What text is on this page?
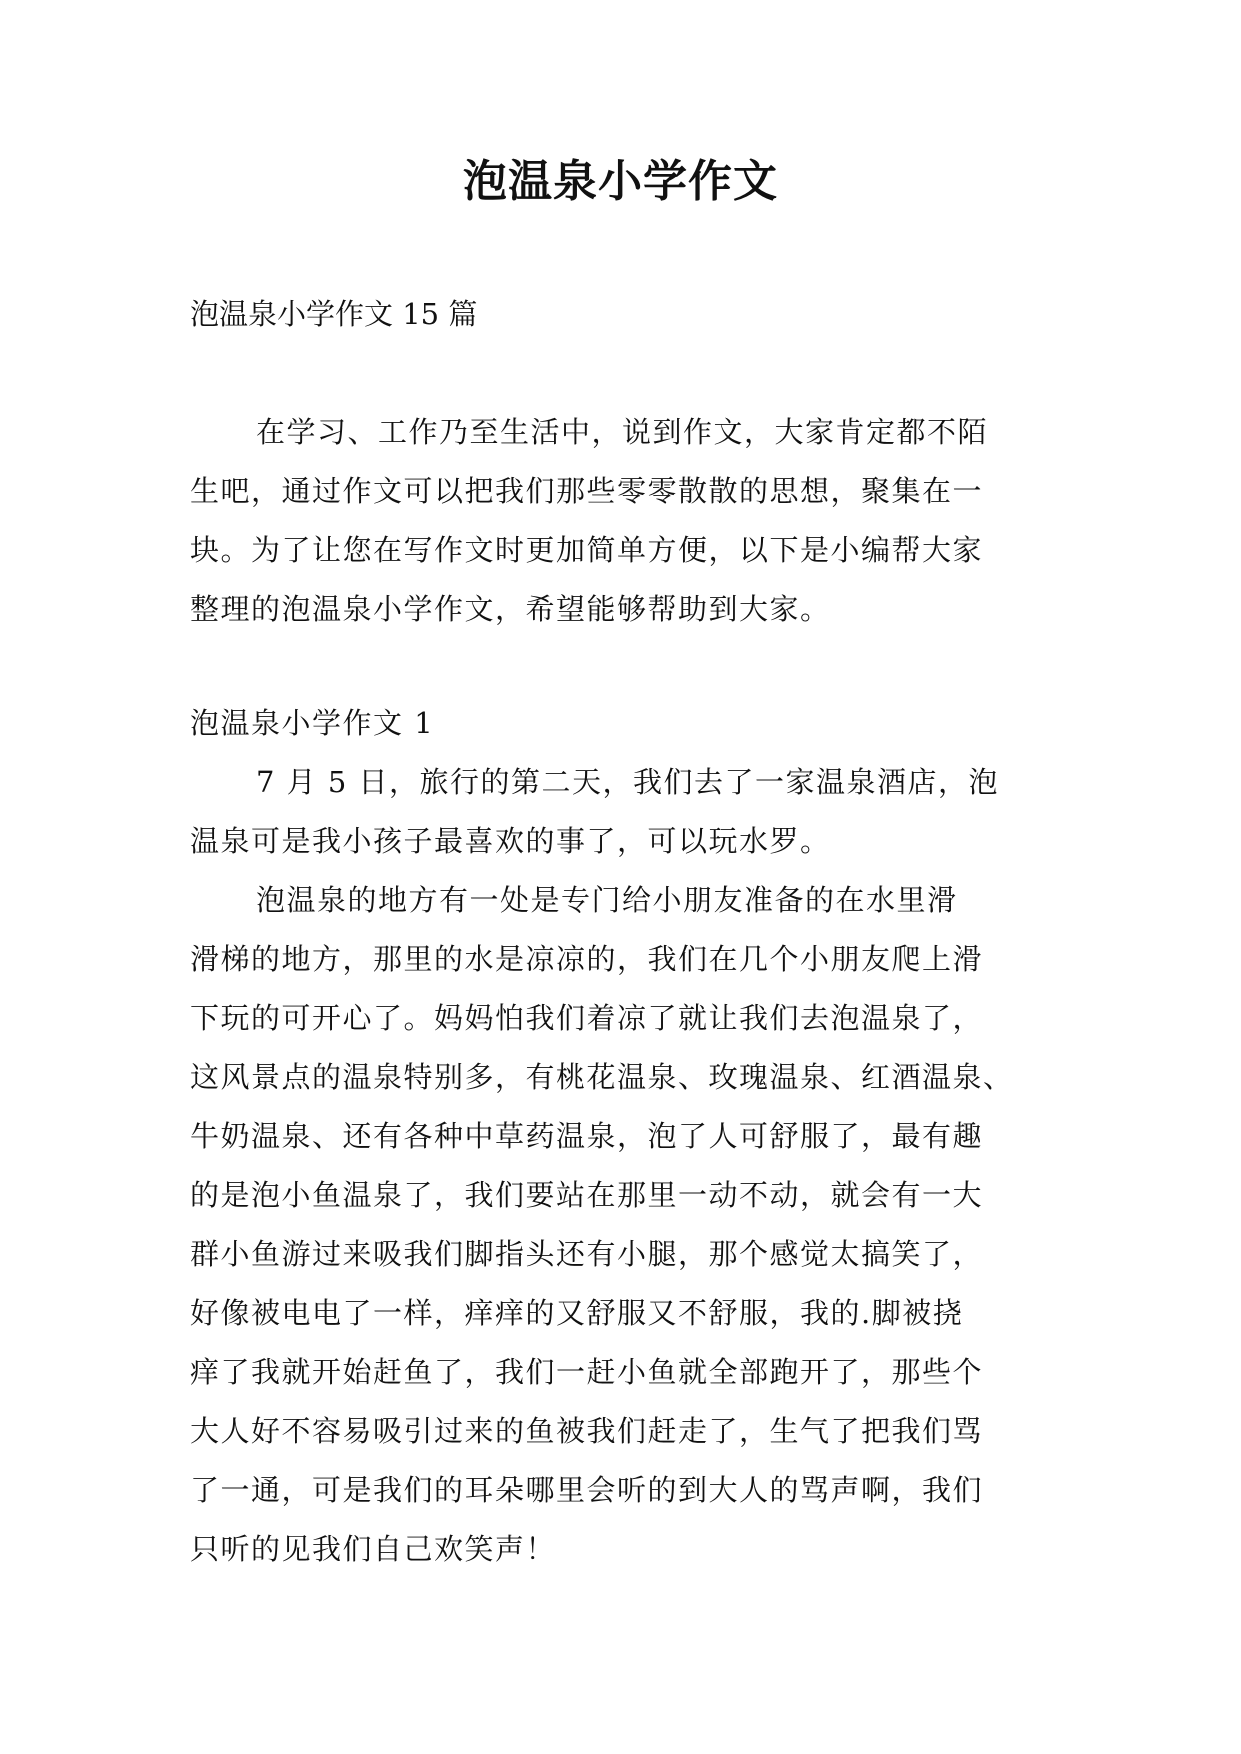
泡温泉小学作文
泡温泉小学作文 15 篇
在学习、工作乃至生活中，说到作文，大家肯定都不陌
生吧，通过作文可以把我们那些零零散散的思想，聚集在一
块。为了让您在写作文时更加简单方便，以下是小编帮大家
整理的泡温泉小学作文，希望能够帮助到大家。
泡温泉小学作文 1
7 月 5 日，旅行的第二天，我们去了一家温泉酒店，泡
温泉可是我小孩子最喜欢的事了，可以玩水罗。
泡温泉的地方有一处是专门给小朋友准备的在水里滑
滑梯的地方，那里的水是凉凉的，我们在几个小朋友爬上滑
下玩的可开心了。妈妈怕我们着凉了就让我们去泡温泉了，
这风景点的温泉特别多，有桃花温泉、玫瑰温泉、红酒温泉、
牛奶温泉、还有各种中草药温泉，泡了人可舒服了，最有趣
的是泡小鱼温泉了，我们要站在那里一动不动，就会有一大
群小鱼游过来吸我们脚指头还有小腿，那个感觉太搞笑了，
好像被电电了一样，痒痒的又舒服又不舒服，我的.脚被挠
痒了我就开始赶鱼了，我们一赶小鱼就全部跑开了，那些个
大人好不容易吸引过来的鱼被我们赶走了，生气了把我们骂
了一通，可是我们的耳朵哪里会听的到大人的骂声啊，我们
只听的见我们自己欢笑声！
